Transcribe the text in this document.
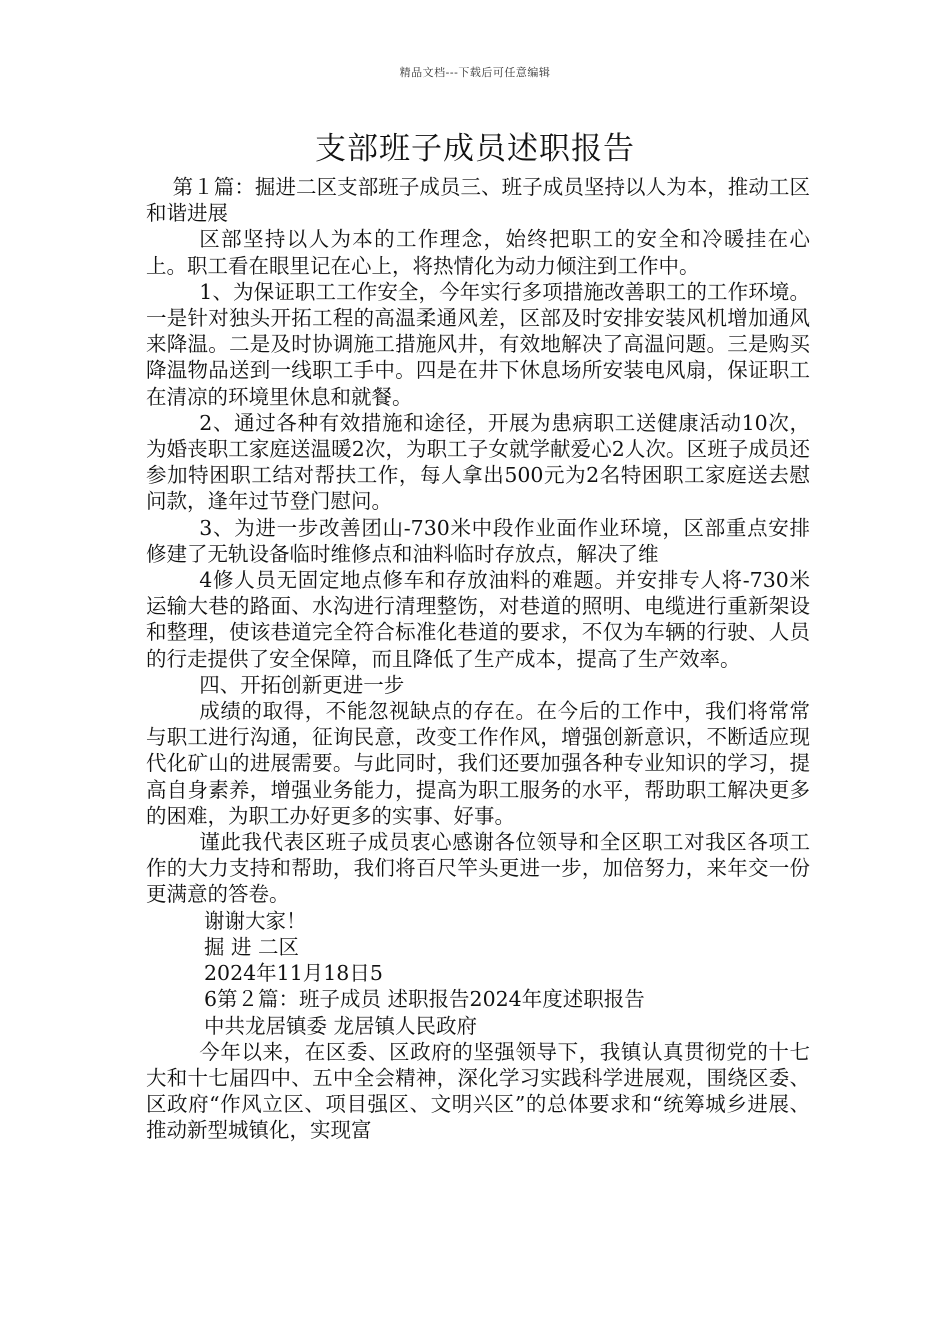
精品文档---下载后可任意编辑
支部班子成员述职报告

第１篇：掘进二区支部班子成员三、班子成员坚持以人为本，推动工区和谐进展

区部坚持以人为本的工作理念，始终把职工的安全和冷暖挂在心上。职工看在眼里记在心上，将热情化为动力倾注到工作中。

1、为保证职工工作安全，今年实行多项措施改善职工的工作环境。一是针对独头开拓工程的高温柔通风差，区部及时安排安装风机增加通风来降温。二是及时协调施工措施风井，有效地解决了高温问题。三是购买降温物品送到一线职工手中。四是在井下休息场所安装电风扇，保证职工在清凉的环境里休息和就餐。

2、通过各种有效措施和途径，开展为患病职工送健康活动10次，为婚丧职工家庭送温暖2次，为职工子女就学献爱心2人次。区班子成员还参加特困职工结对帮扶工作，每人拿出500元为2名特困职工家庭送去慰问款，逢年过节登门慰问。

3、为进一步改善团山-730米中段作业面作业环境，区部重点安排修建了无轨设备临时维修点和油料临时存放点，解决了维

4修人员无固定地点修车和存放油料的难题。并安排专人将-730米运输大巷的路面、水沟进行清理整饬，对巷道的照明、电缆进行重新架设和整理，使该巷道完全符合标准化巷道的要求，不仅为车辆的行驶、人员的行走提供了安全保障，而且降低了生产成本，提高了生产效率。

四、开拓创新更进一步

成绩的取得，不能忽视缺点的存在。在今后的工作中，我们将常常与职工进行沟通，征询民意，改变工作作风，增强创新意识，不断适应现代化矿山的进展需要。与此同时，我们还要加强各种专业知识的学习，提高自身素养，增强业务能力，提高为职工服务的水平，帮助职工解决更多的困难，为职工办好更多的实事、好事。

谨此我代表区班子成员衷心感谢各位领导和全区职工对我区各项工作的大力支持和帮助，我们将百尺竿头更进一步，加倍努力，来年交一份更满意的答卷。

谢谢大家！

掘 进 二区

2024年11月18日5

6第２篇：班子成员 述职报告2024年度述职报告

中共龙居镇委 龙居镇人民政府

今年以来，在区委、区政府的坚强领导下，我镇认真贯彻党的十七大和十七届四中、五中全会精神，深化学习实践科学进展观，围绕区委、区政府“作风立区、项目强区、文明兴区”的总体要求和“统筹城乡进展、推动新型城镇化，实现富
